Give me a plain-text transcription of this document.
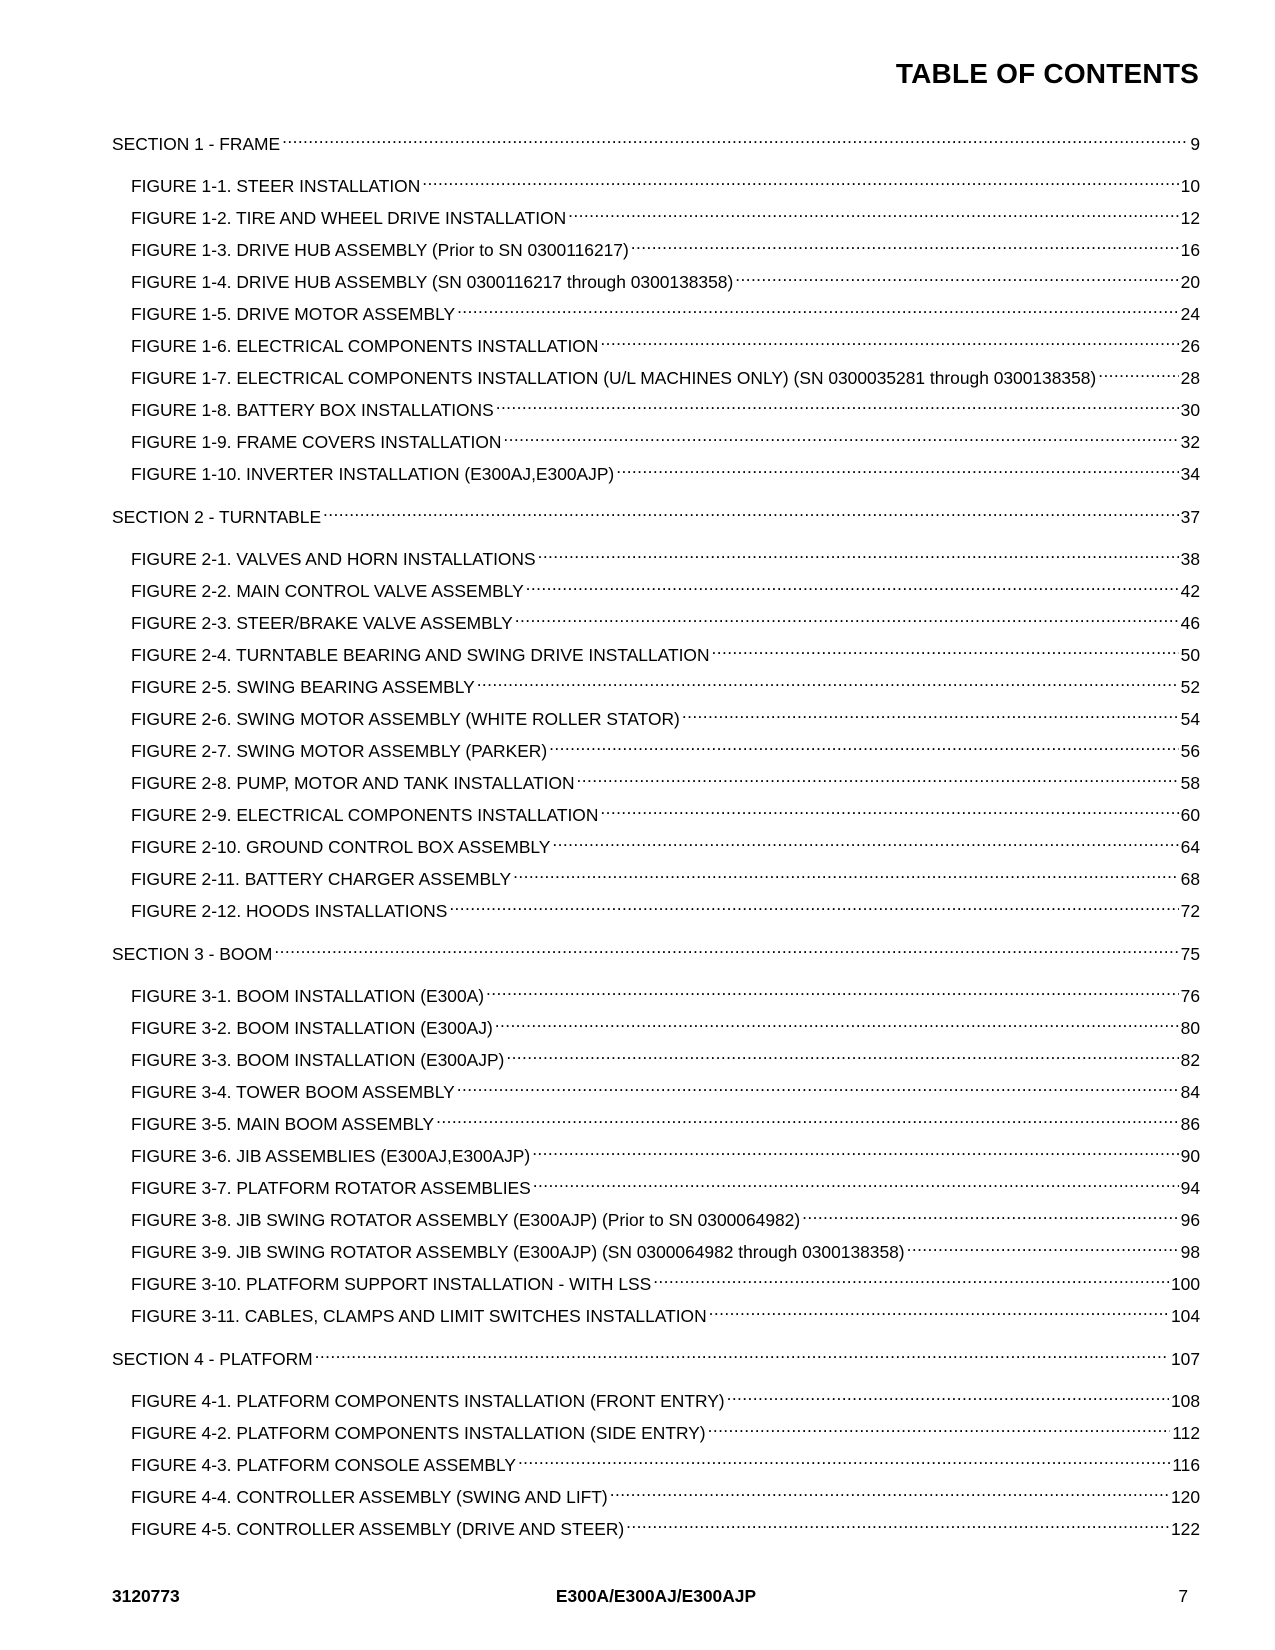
TABLE OF CONTENTS
SECTION 1 - FRAME .....	9
FIGURE 1-1. STEER INSTALLATION .....	10
FIGURE 1-2. TIRE AND WHEEL DRIVE INSTALLATION .....	12
FIGURE 1-3. DRIVE HUB ASSEMBLY (Prior to SN 0300116217) .....	16
FIGURE 1-4. DRIVE HUB ASSEMBLY (SN 0300116217 through 0300138358) .....	20
FIGURE 1-5. DRIVE MOTOR ASSEMBLY .....	24
FIGURE 1-6. ELECTRICAL COMPONENTS INSTALLATION .....	26
FIGURE 1-7. ELECTRICAL COMPONENTS INSTALLATION (U/L MACHINES ONLY) (SN 0300035281 through 0300138358) .....	28
FIGURE 1-8. BATTERY BOX INSTALLATIONS .....	30
FIGURE 1-9. FRAME COVERS INSTALLATION .....	32
FIGURE 1-10. INVERTER INSTALLATION (E300AJ,E300AJP) .....	34
SECTION 2 - TURNTABLE .....	37
FIGURE 2-1. VALVES AND HORN INSTALLATIONS .....	38
FIGURE 2-2. MAIN CONTROL VALVE ASSEMBLY .....	42
FIGURE 2-3. STEER/BRAKE VALVE ASSEMBLY .....	46
FIGURE 2-4. TURNTABLE BEARING AND SWING DRIVE INSTALLATION .....	50
FIGURE 2-5. SWING BEARING ASSEMBLY .....	52
FIGURE 2-6. SWING MOTOR ASSEMBLY (WHITE ROLLER STATOR) .....	54
FIGURE 2-7. SWING MOTOR ASSEMBLY (PARKER) .....	56
FIGURE 2-8. PUMP, MOTOR AND TANK INSTALLATION .....	58
FIGURE 2-9. ELECTRICAL COMPONENTS INSTALLATION .....	60
FIGURE 2-10. GROUND CONTROL BOX ASSEMBLY .....	64
FIGURE 2-11. BATTERY CHARGER ASSEMBLY .....	68
FIGURE 2-12. HOODS INSTALLATIONS .....	72
SECTION 3 - BOOM .....	75
FIGURE 3-1. BOOM INSTALLATION (E300A) .....	76
FIGURE 3-2. BOOM INSTALLATION (E300AJ) .....	80
FIGURE 3-3. BOOM INSTALLATION (E300AJP) .....	82
FIGURE 3-4. TOWER BOOM ASSEMBLY .....	84
FIGURE 3-5. MAIN BOOM ASSEMBLY .....	86
FIGURE 3-6. JIB ASSEMBLIES (E300AJ,E300AJP) .....	90
FIGURE 3-7. PLATFORM ROTATOR ASSEMBLIES .....	94
FIGURE 3-8. JIB SWING ROTATOR ASSEMBLY (E300AJP) (Prior to SN 0300064982) .....	96
FIGURE 3-9. JIB SWING ROTATOR ASSEMBLY (E300AJP) (SN 0300064982 through 0300138358) .....	98
FIGURE 3-10. PLATFORM SUPPORT INSTALLATION - WITH LSS .....	100
FIGURE 3-11. CABLES, CLAMPS AND LIMIT SWITCHES INSTALLATION .....	104
SECTION 4 - PLATFORM .....	107
FIGURE 4-1. PLATFORM COMPONENTS INSTALLATION (FRONT ENTRY) .....	108
FIGURE 4-2. PLATFORM COMPONENTS INSTALLATION (SIDE ENTRY) .....	112
FIGURE 4-3. PLATFORM CONSOLE ASSEMBLY .....	116
FIGURE 4-4. CONTROLLER ASSEMBLY (SWING AND LIFT) .....	120
FIGURE 4-5. CONTROLLER ASSEMBLY (DRIVE AND STEER) .....	122
3120773	E300A/E300AJ/E300AJP	7
